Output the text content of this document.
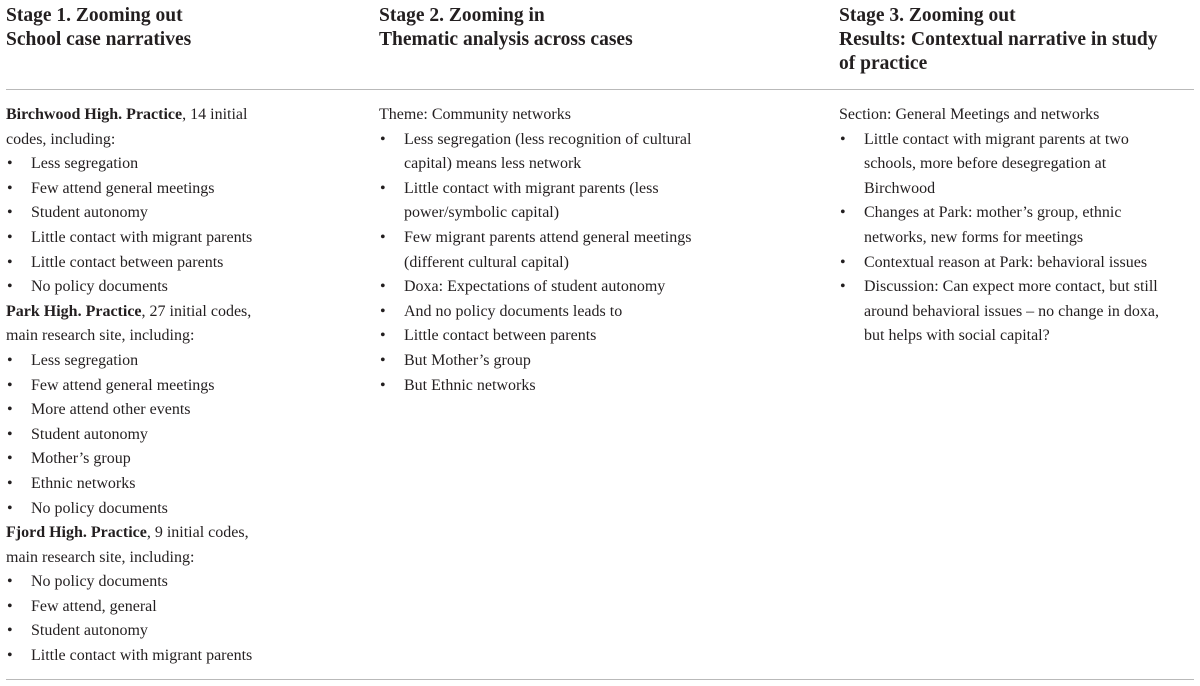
Stage 1. Zooming out
School case narratives
Stage 2. Zooming in
Thematic analysis across cases
Stage 3. Zooming out
Results: Contextual narrative in study
of practice
Birchwood High. Practice, 14 initial
codes, including:
• Less segregation
• Few attend general meetings
• Student autonomy
• Little contact with migrant parents
• Little contact between parents
• No policy documents
Park High. Practice, 27 initial codes,
main research site, including:
• Less segregation
• Few attend general meetings
• More attend other events
• Student autonomy
• Mother’s group
• Ethnic networks
• No policy documents
Fjord High. Practice, 9 initial codes,
main research site, including:
• No policy documents
• Few attend, general
• Student autonomy
• Little contact with migrant parents
Theme: Community networks
• Less segregation (less recognition of cultural
capital) means less network
• Little contact with migrant parents (less
power/symbolic capital)
• Few migrant parents attend general meetings
(different cultural capital)
• Doxa: Expectations of student autonomy
• And no policy documents leads to
• Little contact between parents
• But Mother’s group
• But Ethnic networks
Section: General Meetings and networks
• Little contact with migrant parents at two
schools, more before desegregation at
Birchwood
• Changes at Park: mother’s group, ethnic
networks, new forms for meetings
• Contextual reason at Park: behavioral issues
• Discussion: Can expect more contact, but still
around behavioral issues – no change in doxa,
but helps with social capital?
